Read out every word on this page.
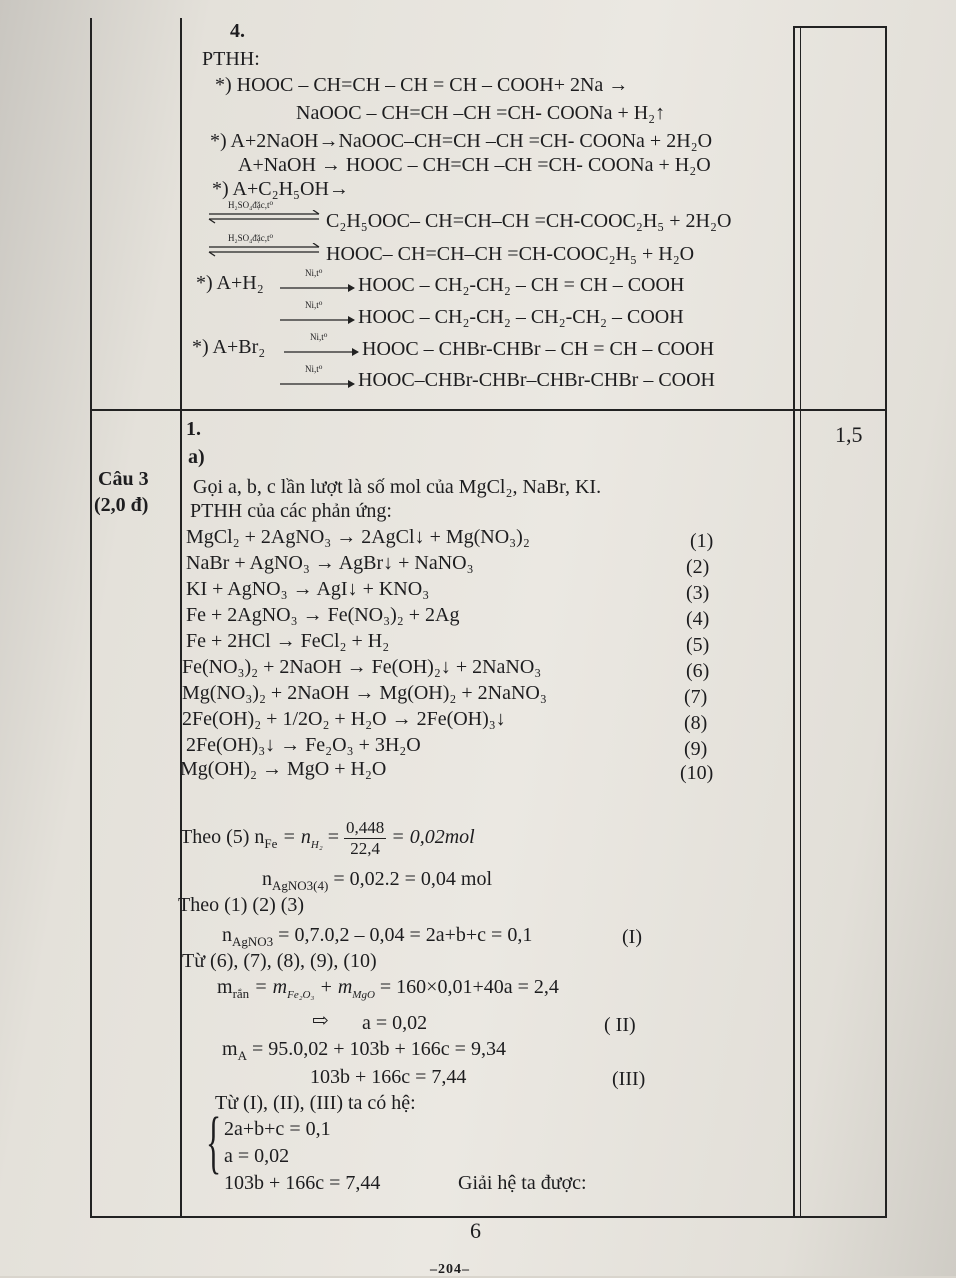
4.
PTHH:
*) HOOC – CH=CH – CH = CH – COOH+ 2Na →
NaOOC – CH=CH –CH =CH- COONa + H₂↑
*) A+2NaOH→NaOOC–CH=CH –CH =CH- COONa + 2H₂O
A+NaOH → HOOC – CH=CH –CH =CH- COONa + H₂O
*) A+C₂H₅OH→
H₂SO₄đặc,t⁰
C₂H₅OOC– CH=CH–CH =CH-COOC₂H₅ + 2H₂O
H₂SO₄đặc,t⁰
HOOC– CH=CH–CH =CH-COOC₂H₅ + H₂O
*) A+H₂	Ni,t⁰
HOOC – CH₂-CH₂ – CH = CH – COOH
Ni,t⁰
HOOC – CH₂-CH₂ – CH₂-CH₂ – COOH
*) A+Br₂	Ni,t⁰
HOOC – CHBr-CHBr – CH = CH – COOH
Ni,t⁰ HOOC–CHBr-CHBr–CHBr-CHBr – COOH
Câu 3
(2,0 đ)
1,5
1.
a)
Gọi a, b, c lần lượt là số mol của MgCl₂, NaBr, KI.
PTHH của các phản ứng:
MgCl₂ + 2AgNO₃ → 2AgCl↓ + Mg(NO₃)₂	(1)
NaBr + AgNO₃ → AgBr↓ + NaNO₃	(2)
KI + AgNO₃ → AgI↓ + KNO₃	(3)
Fe + 2AgNO₃ → Fe(NO₃)₂ + 2Ag	(4)
Fe + 2HCl → FeCl₂ + H₂	(5)
Fe(NO₃)₂ + 2NaOH → Fe(OH)₂↓ + 2NaNO₃	(6)
Mg(NO₃)₂ + 2NaOH → Mg(OH)₂ + 2NaNO₃	(7)
2Fe(OH)₂ + 1/2O₂ + H₂O → 2Fe(OH)₃↓	(8)
2Fe(OH)₃↓ → Fe₂O₃ + 3H₂O	(9)
Mg(OH)₂ → MgO + H₂O	(10)
Theo (5) $n_{Fe} = n_{H_2} = \frac{0,448}{22,4} = 0,02mol$
$n_{AgNO3(4)} = 0,02.2 = 0,04$ mol
Theo (1) (2) (3)
$n_{AgNO3} = 0,7.0,2 - 0,04 = 2a+b+c = 0,1$	(I)
Từ (6), (7), (8), (9), (10)
$m_{rắn} = m_{Fe_2O_3} + m_{MgO} = 160\times 0,01+40a = 2,4$
⇨ a = 0,02	( II)
$m_A = 95.0,02 + 103b + 166c = 9,34$
103b + 166c = 7,44	(III)
Từ (I), (II), (III) ta có hệ:
{ 2a+b+c = 0,1
a = 0,02
103b + 166c = 7,44	Giải hệ ta được:
6
–204–
